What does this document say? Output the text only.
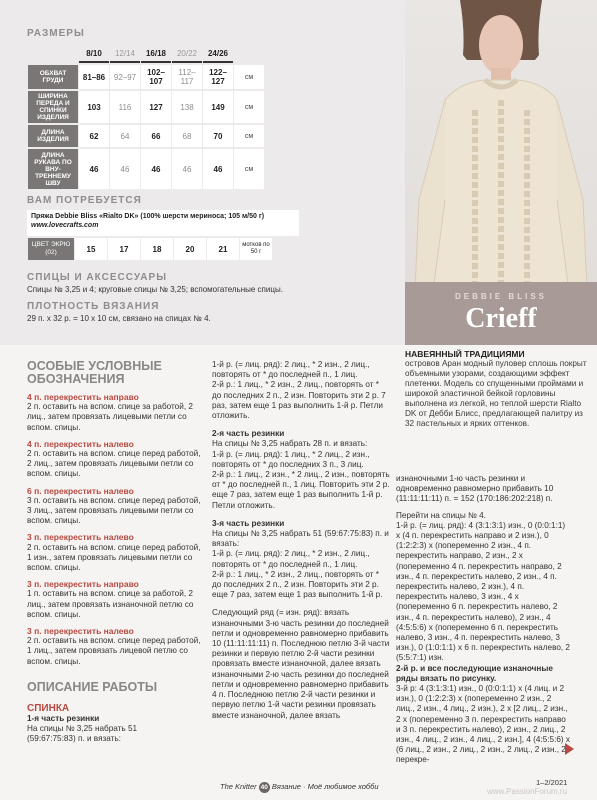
РАЗМЕРЫ
	8/10	12/14	16/18	20/22	24/26	
ОБХВАТ ГРУДИ	81–86	92–97	102–107	112–117	122–127	см
ШИРИНА ПЕРЕДА И СПИНКИ ИЗДЕЛИЯ	103	116	127	138	149	см
ДЛИНА ИЗДЕЛИЯ	62	64	66	68	70	см
ДЛИНА РУКАВА ПО ВНУ-ТРЕННЕМУ ШВУ	46	46	46	46	46	см
ВАМ ПОТРЕБУЕТСЯ
Пряжа Debbie Bliss «Rialto DK» (100% шерсти мериноса; 105 м/50 г)
www.lovecrafts.com
ЦВЕТ ЭКРЮ (02)	15	17	18	20	21	мотков по 50 г
СПИЦЫ И АКСЕССУАРЫ
Спицы № 3,25 и 4; круговые спицы № 3,25; вспомогательные спицы.
ПЛОТНОСТЬ ВЯЗАНИЯ
29 п. х 32 р. = 10 х 10 см, связано на спицах № 4.
DEBBIE BLISS
Crieff

ОСОБЫЕ УСЛОВНЫЕ ОБОЗНАЧЕНИЯ

4 п. перекрестить направо

2 п. оставить на вспом. спице за работой, 2 лиц., затем провязать лицевыми петли со вспом. спицы.

4 п. перекрестить налево

2 п. оставить на вспом. спице перед работой, 2 лиц., затем провязать лицевыми петли со вспом. спицы.

6 п. перекрестить налево

3 п. оставить на вспом. спице перед работой, 3 лиц., затем провязать лицевыми петли со вспом. спицы.

3 п. перекрестить налево

2 п. оставить на вспом. спице перед работой, 1 изн., затем провязать лицевыми петли со вспом. спицы.

3 п. перекрестить направо

1 п. оставить на вспом. спице за работой, 2 лиц., затем провязать изнаночной петлю со вспом. спицы.

3 п. перекрестить налево

2 п. оставить на вспом. спице перед работой, 1 лиц., затем провязать лицевой петлю со вспом. спицы.

ОПИСАНИЕ РАБОТЫ

СПИНКА

1-я часть резинки

На спицы № 3,25 набрать 51

(59:67:75:83) п. и вязать:

1-й р. (= лиц. ряд): 2 лиц., * 2 изн., 2 лиц., повторять от * до последней п., 1 лиц.

2-й р.: 1 лиц., * 2 изн., 2 лиц., повторять от * до последних 2 п., 2 изн. Повторить эти 2 р. 7 раз, затем еще 1 раз выполнить 1-й р. Петли отложить.

2-я часть резинки

На спицы № 3,25 набрать 28 п. и вязать:

1-й р. (= лиц. ряд): 1 лиц., * 2 лиц., 2 изн., повторять от * до последних 3 п., 3 лиц.

2-й р.: 1 лиц., 2 изн., * 2 лиц., 2 изн., повторять от * до последней п., 1 лиц. Повторить эти 2 р. еще 7 раз, затем еще 1 раз выполнить 1-й р. Петли отложить.

3-я часть резинки

На спицы № 3,25 набрать 51 (59:67:75:83) п. и вязать:

1-й р. (= лиц. ряд): 2 лиц., * 2 изн., 2 лиц., повторять от * до последней п., 1 лиц.

2-й р.: 1 лиц., * 2 изн., 2 лиц., повторять от * до последних 2 п., 2 изн. Повторить эти 2 р. еще 7 раз, затем еще 1 раз выполнить 1-й р.

Следующий ряд (= изн. ряд): вязать изнаночными 3-ю часть резинки до последней петли и одновременно равномерно прибавить 10 (11:11:11:11) п. Последнюю петлю 3-й части резинки и первую петлю 2-й части резинки провязать вместе изнаночной, далее вязать изнаночными 2-ю часть резинки до последней петли и одновременно равномерно прибавить 4 п. Последнюю петлю 2-й части резинки и первую петлю 1-й части резинки провязать вместе изнаночной, далее вязать

НАВЕЯННЫЙ ТРАДИЦИЯМИ
островов Аран модный пуловер сплошь покрыт объемными узорами, создающими эффект плетенки. Модель со спущенными проймами и широкой эластичной бейкой горловины выполнена из легкой, но теплой шерсти Rialto DK от Дебби Блисс, предлагающей палитру из 32 пастельных и ярких оттенков.

изнаночными 1-ю часть резинки и одновременно равномерно прибавить 10 (11:11:11:11) п. = 152 (170:186:202:218) п.

Перейти на спицы № 4.

1-й р. (= лиц. ряд): 4 (3:1:3:1) изн., 0 (0:0:1:1) х (4 п. перекрестить направо и 2 изн.), 0 (1:2:2:3) х (попеременно 2 изн., 4 п. перекрестить направо, 2 изн., 2 х (попеременно 4 п. перекрестить направо, 2 изн., 4 п. перекрестить налево, 2 изн., 4 п. перекрестить налево, 2 изн.), 4 п. перекрестить налево, 3 изн., 4 х (попеременно 6 п. перекрестить налево, 2 изн., 4 п. перекрестить налево), 2 изн., 4 (4:5:5:6) х (попеременно 6 п. перекрестить налево, 3 изн., 4 п. перекрестить налево, 3 изн.), 0 (1:0:1:1) х 6 п. перекрестить налево, 2 (5:5:7:1) изн.

2-й р. и все последующие изнаночные ряды вязать по рисунку.

3-й р: 4 (3:1:3:1) изн., 0 (0:0:1:1) х (4 лиц. и 2 изн.), 0 (1:2:2:3) х (попеременно 2 изн., 2 лиц., 2 изн., 4 лиц., 2 изн.), 2 х [2 лиц., 2 изн., 2 х (попеременно 3 п. перекрестить направо и 3 п. перекрестить налево), 2 изн., 2 лиц., 2 изн., 4 лиц., 2 изн., 4 лиц., 2 изн.], 4 (4:5:5:6) х (6 лиц., 2 изн., 2 лиц., 2 изн., 2 лиц., 2 изн., 2 перекре-

The Knitter 40 Вязание · Моё любимое хобби	1–2/2021
www.PassionForum.ru
